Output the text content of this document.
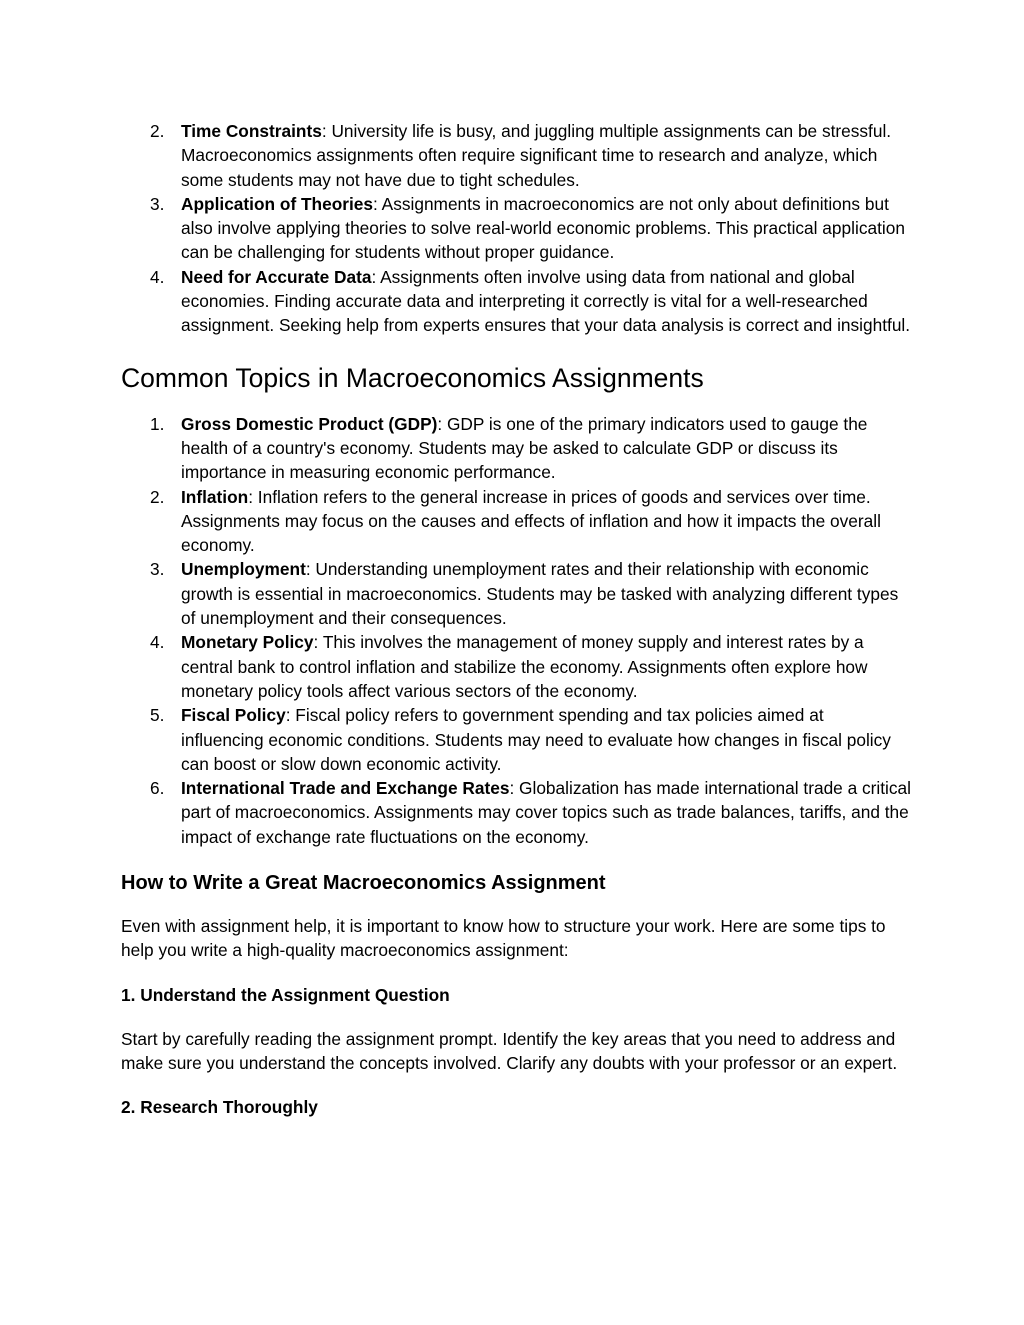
2. Time Constraints: University life is busy, and juggling multiple assignments can be stressful. Macroeconomics assignments often require significant time to research and analyze, which some students may not have due to tight schedules.
3. Application of Theories: Assignments in macroeconomics are not only about definitions but also involve applying theories to solve real-world economic problems. This practical application can be challenging for students without proper guidance.
4. Need for Accurate Data: Assignments often involve using data from national and global economies. Finding accurate data and interpreting it correctly is vital for a well-researched assignment. Seeking help from experts ensures that your data analysis is correct and insightful.
Common Topics in Macroeconomics Assignments
1. Gross Domestic Product (GDP): GDP is one of the primary indicators used to gauge the health of a country's economy. Students may be asked to calculate GDP or discuss its importance in measuring economic performance.
2. Inflation: Inflation refers to the general increase in prices of goods and services over time. Assignments may focus on the causes and effects of inflation and how it impacts the overall economy.
3. Unemployment: Understanding unemployment rates and their relationship with economic growth is essential in macroeconomics. Students may be tasked with analyzing different types of unemployment and their consequences.
4. Monetary Policy: This involves the management of money supply and interest rates by a central bank to control inflation and stabilize the economy. Assignments often explore how monetary policy tools affect various sectors of the economy.
5. Fiscal Policy: Fiscal policy refers to government spending and tax policies aimed at influencing economic conditions. Students may need to evaluate how changes in fiscal policy can boost or slow down economic activity.
6. International Trade and Exchange Rates: Globalization has made international trade a critical part of macroeconomics. Assignments may cover topics such as trade balances, tariffs, and the impact of exchange rate fluctuations on the economy.
How to Write a Great Macroeconomics Assignment

Even with assignment help, it is important to know how to structure your work. Here are some tips to help you write a high-quality macroeconomics assignment:

1. Understand the Assignment Question

Start by carefully reading the assignment prompt. Identify the key areas that you need to address and make sure you understand the concepts involved. Clarify any doubts with your professor or an expert.

2. Research Thoroughly
